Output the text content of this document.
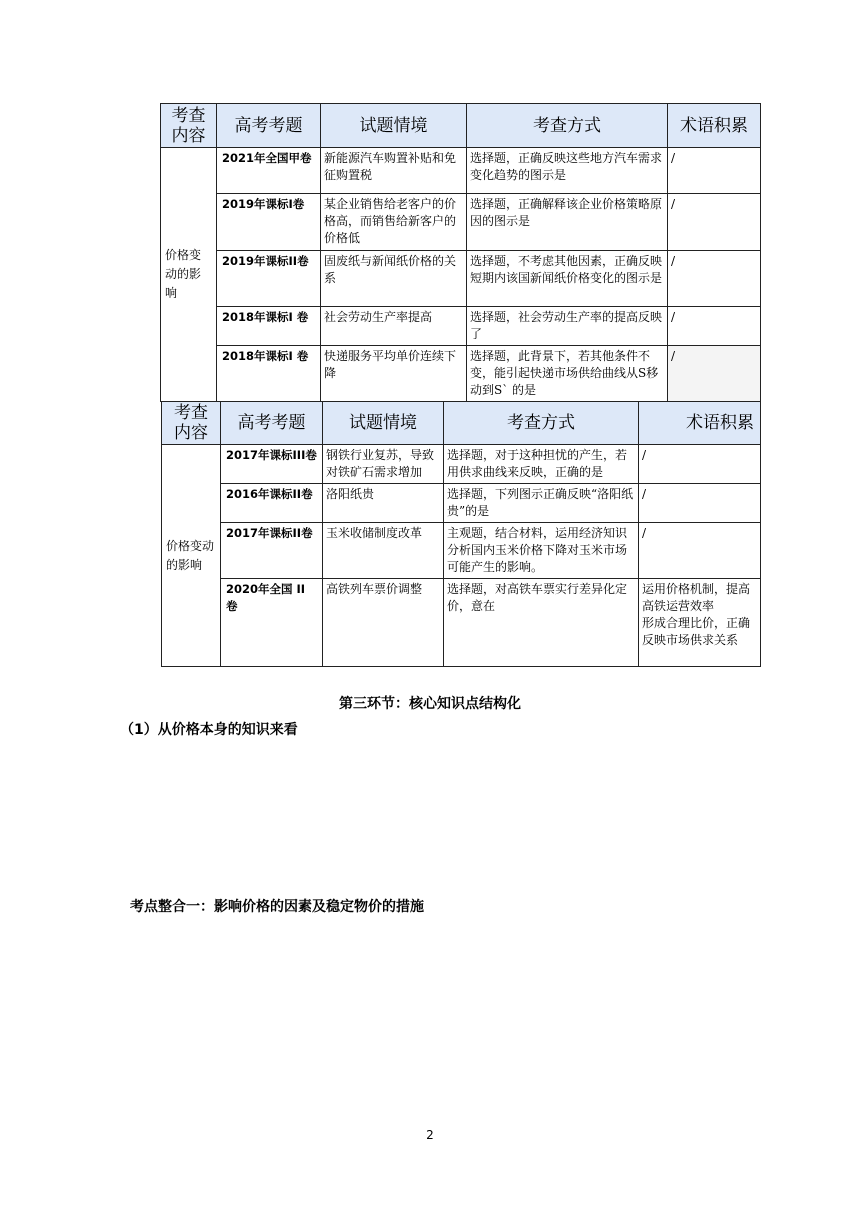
考查
内容	高考考题	试题情境	考查方式	术语积累
价格变
动的影
响	2021年全国甲卷	新能源汽车购置补贴和免征购置税	选择题，正确反映这些地方汽车需求变化趋势的图示是	/
	2019年课标I卷	某企业销售给老客户的价格高，而销售给新客户的价格低	选择题，正确解释该企业价格策略原因的图示是	/
	2019年课标II卷	固废纸与新闻纸价格的关系	选择题，不考虑其他因素，正确反映短期内该国新闻纸价格变化的图示是	/
	2018年课标I 卷	社会劳动生产率提高	选择题，社会劳动生产率的提高反映了	/
	2018年课标I 卷	快递服务平均单价连续下降	选择题，此背景下，若其他条件不变，能引起快递市场供给曲线从S移动到S` 的是	/
考查
内容	高考考题	试题情境	考查方式	术语积累
价格变动
的影响	2017年课标III卷	钢铁行业复苏，导致对铁矿石需求增加	选择题，对于这种担忧的产生，若用供求曲线来反映，正确的是	/
	2016年课标II卷	洛阳纸贵	选择题，下列图示正确反映“洛阳纸贵”的是	/
	2017年课标II卷	玉米收储制度改革	主观题，结合材料，运用经济知识分析国内玉米价格下降对玉米市场可能产生的影响。	/
	2020年全国 II 卷	高铁列车票价调整	选择题，对高铁车票实行差异化定价，意在	运用价格机制，提高高铁运营效率
形成合理比价，正确反映市场供求关系
第三环节：核心知识点结构化
（1）从价格本身的知识来看
考点整合一：影响价格的因素及稳定物价的措施
2
